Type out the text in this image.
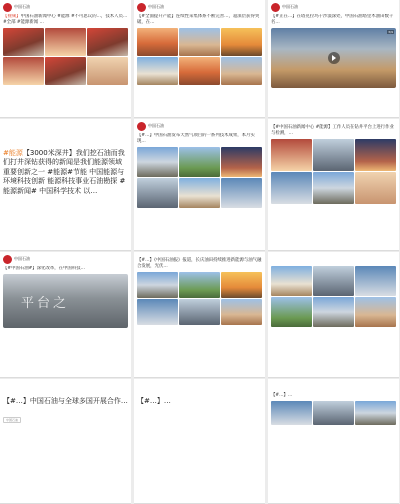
中国石油
【视频】中国石油新闻中心 #能源 #不可思议的…，技术人员… #全部 #能源新闻 …
#能源【3000米深井】我们挖石油而我们打井深钻获得的新闻是我们能源领域重要创新之一 #能源#节能 中国能源与环境科技创新 能源科技事业石油勘探 #能源新闻# 中国科学技术 以…
中国石油
【#中国石油#】深化改革，在中国科技…
平台之
【#…】中国石油与全球多国开展合作…
中国石油
中国石油
【#全面提升产能】连续性采集体系不断完善…，超深层获得突破，在…
中国石油
【#…】中国石油发布天然气项目的一系列技术成果，本月实现…
【#…】《中国石油报》报道，长庆油田持续推进新能源与油气融合发展，光伏…
【#…】…
中国石油
【#正在…】在塔克拉玛干沙漠深处，中国石油塔里木油田数千名…
3/9
【#中国石油新闻中心 #能源】工作人员在钻井平台上进行作业与检测，…
【#…】…
